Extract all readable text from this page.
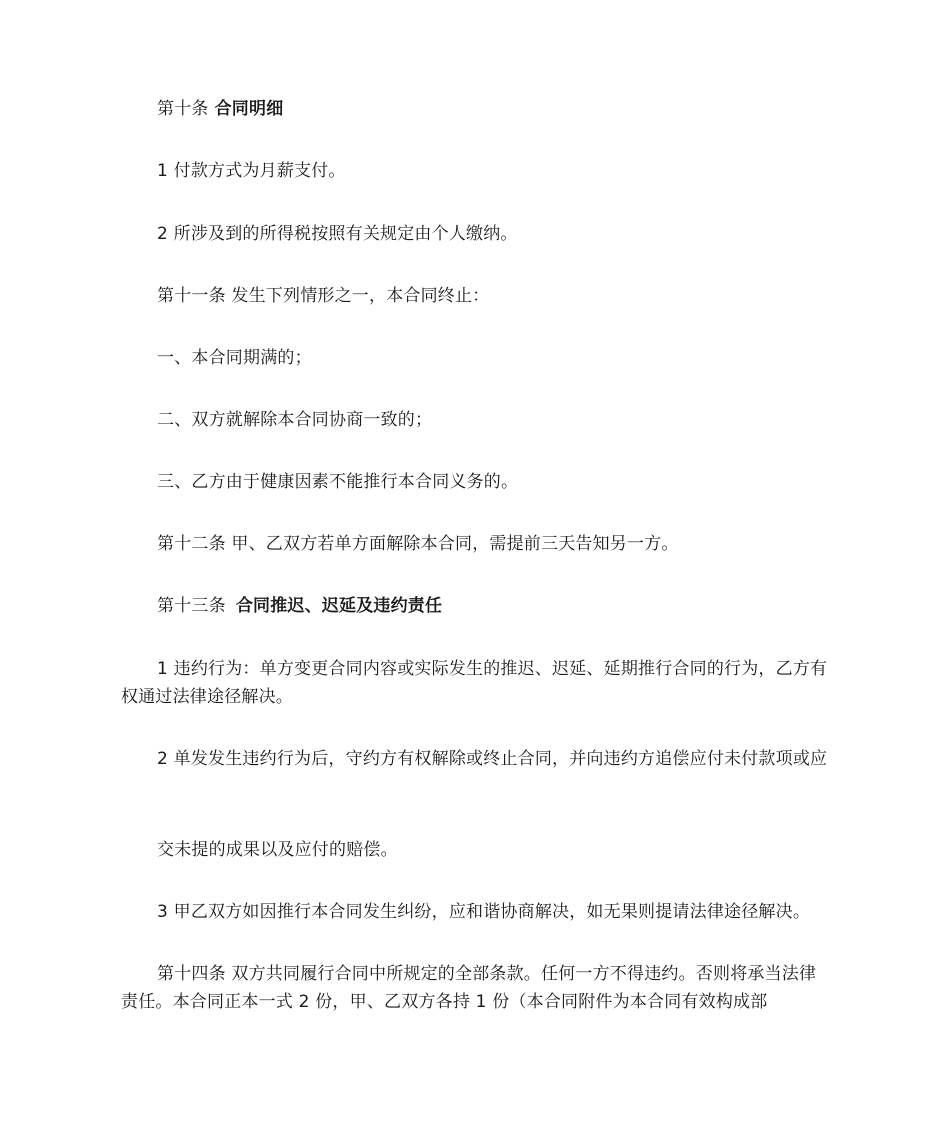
第十条 合同明细
1 付款方式为月薪支付。
2 所涉及到的所得税按照有关规定由个人缴纳。
第十一条 发生下列情形之一，本合同终止：
一、本合同期满的；
二、双方就解除本合同协商一致的；
三、乙方由于健康因素不能推行本合同义务的。
第十二条 甲、乙双方若单方面解除本合同，需提前三天告知另一方。
第十三条 合同推迟、迟延及违约责任
1 违约行为：单方变更合同内容或实际发生的推迟、迟延、延期推行合同的行为，乙方有权通过法律途径解决。
2 单发发生违约行为后，守约方有权解除或终止合同，并向违约方追偿应付未付款项或应
交未提的成果以及应付的赔偿。
3 甲乙双方如因推行本合同发生纠纷，应和谐协商解决，如无果则提请法律途径解决。
第十四条 双方共同履行合同中所规定的全部条款。任何一方不得违约。否则将承当法律责任。本合同正本一式 2 份，甲、乙双方各持 1 份（本合同附件为本合同有效构成部
